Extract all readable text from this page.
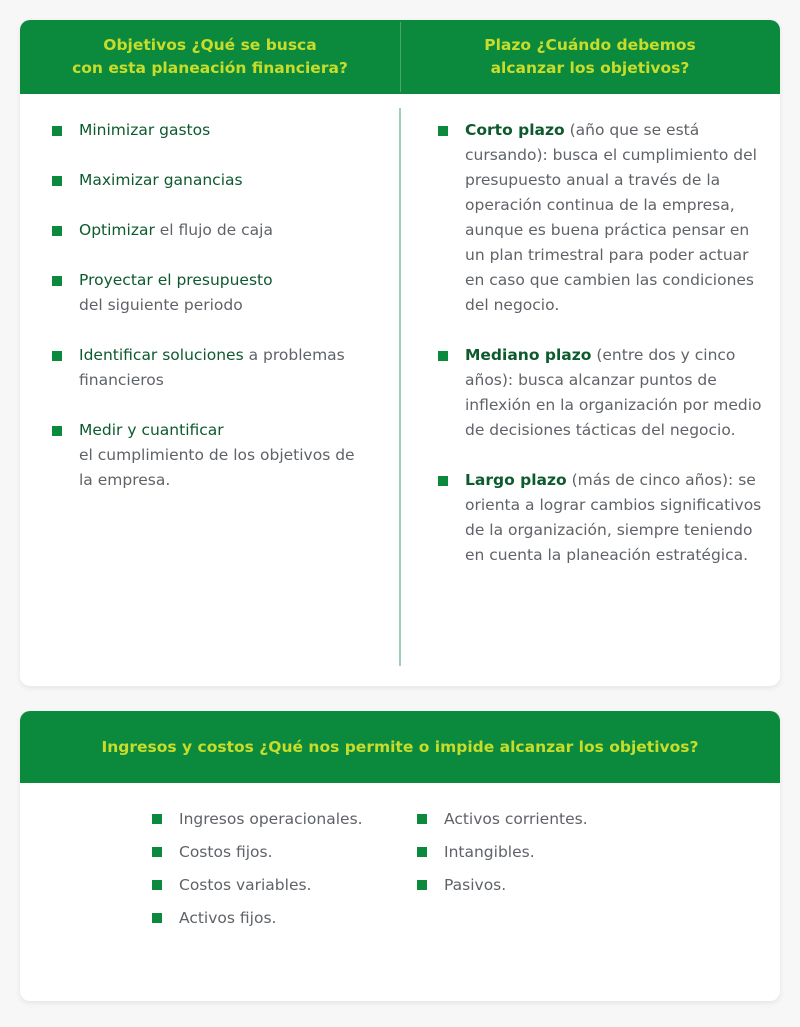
Objetivos ¿Qué se busca
con esta planeación financiera?
Plazo ¿Cuándo debemos
alcanzar los objetivos?
Minimizar gastos
Maximizar ganancias
Optimizar el flujo de caja
Proyectar el presupuesto
del siguiente periodo
Identificar soluciones a problemas financieros
Medir y cuantificar
el cumplimiento de los objetivos de la empresa.
Corto plazo (año que se está cursando): busca el cumplimiento del presupuesto anual a través de la operación continua de la empresa, aunque es buena práctica pensar en un plan trimestral para poder actuar en caso que cambien las condiciones del negocio.
Mediano plazo (entre dos y cinco años): busca alcanzar puntos de inflexión en la organización por medio de decisiones tácticas del negocio.
Largo plazo (más de cinco años): se orienta a lograr cambios significativos de la organización, siempre teniendo en cuenta la planeación estratégica.
Ingresos y costos ¿Qué nos permite o impide alcanzar los objetivos?
Ingresos operacionales.
Costos fijos.
Costos variables.
Activos fijos.
Activos corrientes.
Intangibles.
Pasivos.
